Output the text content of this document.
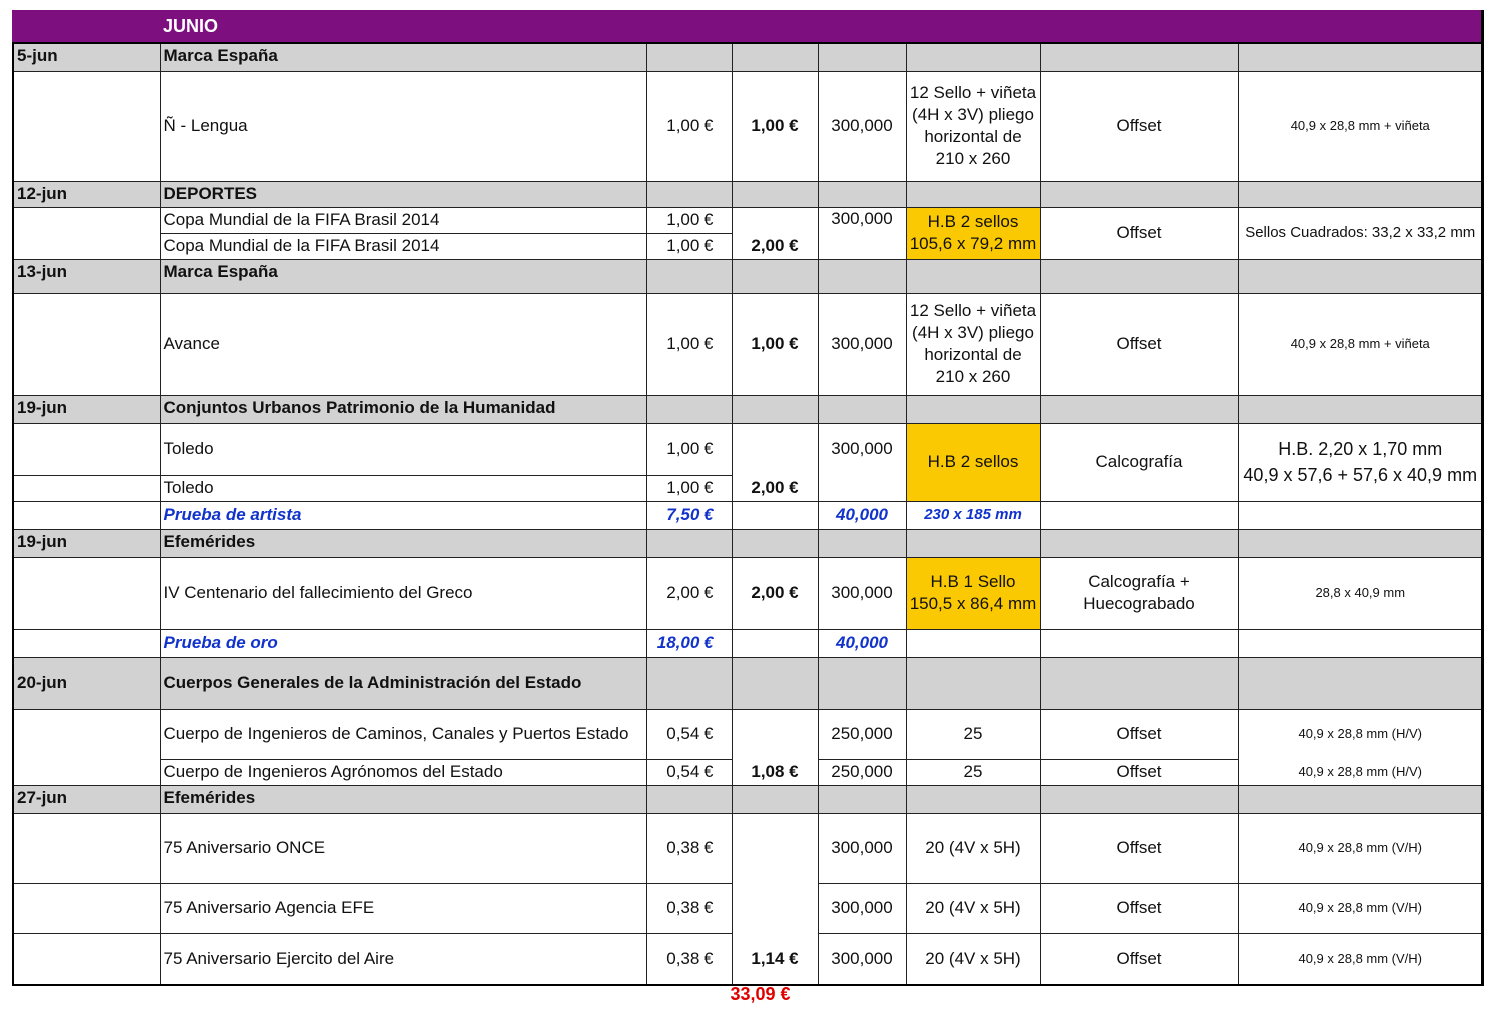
JUNIO
5-jun	Marca España						
	Ñ - Lengua	1,00 €	1,00 €	300,000	12 Sello + viñeta (4H x 3V) pliego horizontal de 210 x 260	Offset	40,9 x 28,8 mm + viñeta
12-jun	DEPORTES						
	Copa Mundial de la FIFA Brasil 2014	1,00 €		300,000	H.B 2 sellos 105,6 x 79,2 mm	Offset	Sellos Cuadrados: 33,2 x 33,2 mm
	Copa Mundial de la FIFA Brasil 2014	1,00 €	2,00 €				
13-jun	Marca España						
	Avance	1,00 €	1,00 €	300,000	12 Sello + viñeta (4H x 3V) pliego horizontal de 210 x 260	Offset	40,9 x 28,8 mm + viñeta
19-jun	Conjuntos Urbanos Patrimonio de la Humanidad						
	Toledo	1,00 €		300,000	H.B 2 sellos	Calcografía	H.B. 2,20 x 1,70 mm
40,9 x 57,6 + 57,6 x 40,9 mm

	Toledo	1,00 €	2,00 €				
	Prueba de artista	7,50 €		40,000	230 x 185 mm		
19-jun	Efemérides						
	IV Centenario del fallecimiento del Greco	2,00 €	2,00 €	300,000	H.B 1 Sello 150,5 x 86,4 mm	Calcografía + Huecograbado	28,8 x 40,9 mm
	Prueba de oro	18,00 €		40,000			
20-jun	Cuerpos Generales de la Administración del Estado						
	Cuerpo de Ingenieros de Caminos, Canales y Puertos Estado	0,54 €		250,000	25	Offset	40,9 x 28,8 mm (H/V)
	Cuerpo de Ingenieros Agrónomos del Estado	0,54 €	1,08 €	250,000	25	Offset	40,9 x 28,8 mm (H/V)
27-jun	Efemérides						
	75 Aniversario ONCE	0,38 €		300,000	20 (4V x 5H)	Offset	40,9 x 28,8 mm (V/H)
	75 Aniversario Agencia EFE	0,38 €		300,000	20 (4V x 5H)	Offset	40,9 x 28,8 mm (V/H)
	75 Aniversario Ejercito del Aire	0,38 €	1,14 €	300,000	20 (4V x 5H)	Offset	40,9 x 28,8 mm (V/H)
33,09 €
